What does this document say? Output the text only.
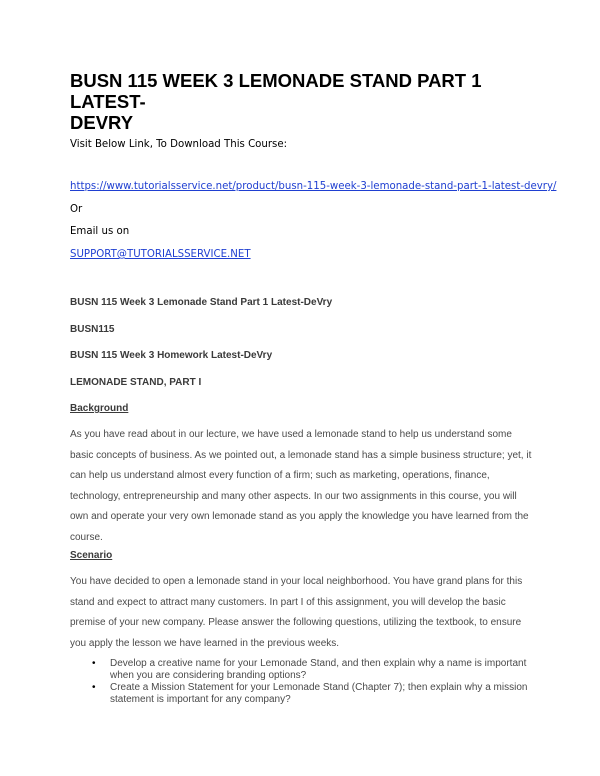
BUSN 115 WEEK 3 LEMONADE STAND PART 1 LATEST-
DEVRY
Visit Below Link, To Download This Course:
https://www.tutorialsservice.net/product/busn-115-week-3-lemonade-stand-part-1-latest-devry/
Or
Email us on
SUPPORT@TUTORIALSSERVICE.NET
BUSN 115 Week 3 Lemonade Stand Part 1 Latest-DeVry
BUSN115
BUSN 115 Week 3 Homework Latest-DeVry
LEMONADE STAND, PART I
Background

As you have read about in our lecture, we have used a lemonade stand to help us understand some
basic concepts of business. As we pointed out, a lemonade stand has a simple business structure; yet, it
can help us understand almost every function of a firm; such as marketing, operations, finance,
technology, entrepreneurship and many other aspects. In our two assignments in this course, you will
own and operate your very own lemonade stand as you apply the knowledge you have learned from the
course.

Scenario

You have decided to open a lemonade stand in your local neighborhood. You have grand plans for this
stand and expect to attract many customers. In part I of this assignment, you will develop the basic
premise of your new company. Please answer the following questions, utilizing the textbook, to ensure
you apply the lesson we have learned in the previous weeks.

• Develop a creative name for your Lemonade Stand, and then explain why a name is important
when you are considering branding options?
• Create a Mission Statement for your Lemonade Stand (Chapter 7); then explain why a mission
statement is important for any company?
